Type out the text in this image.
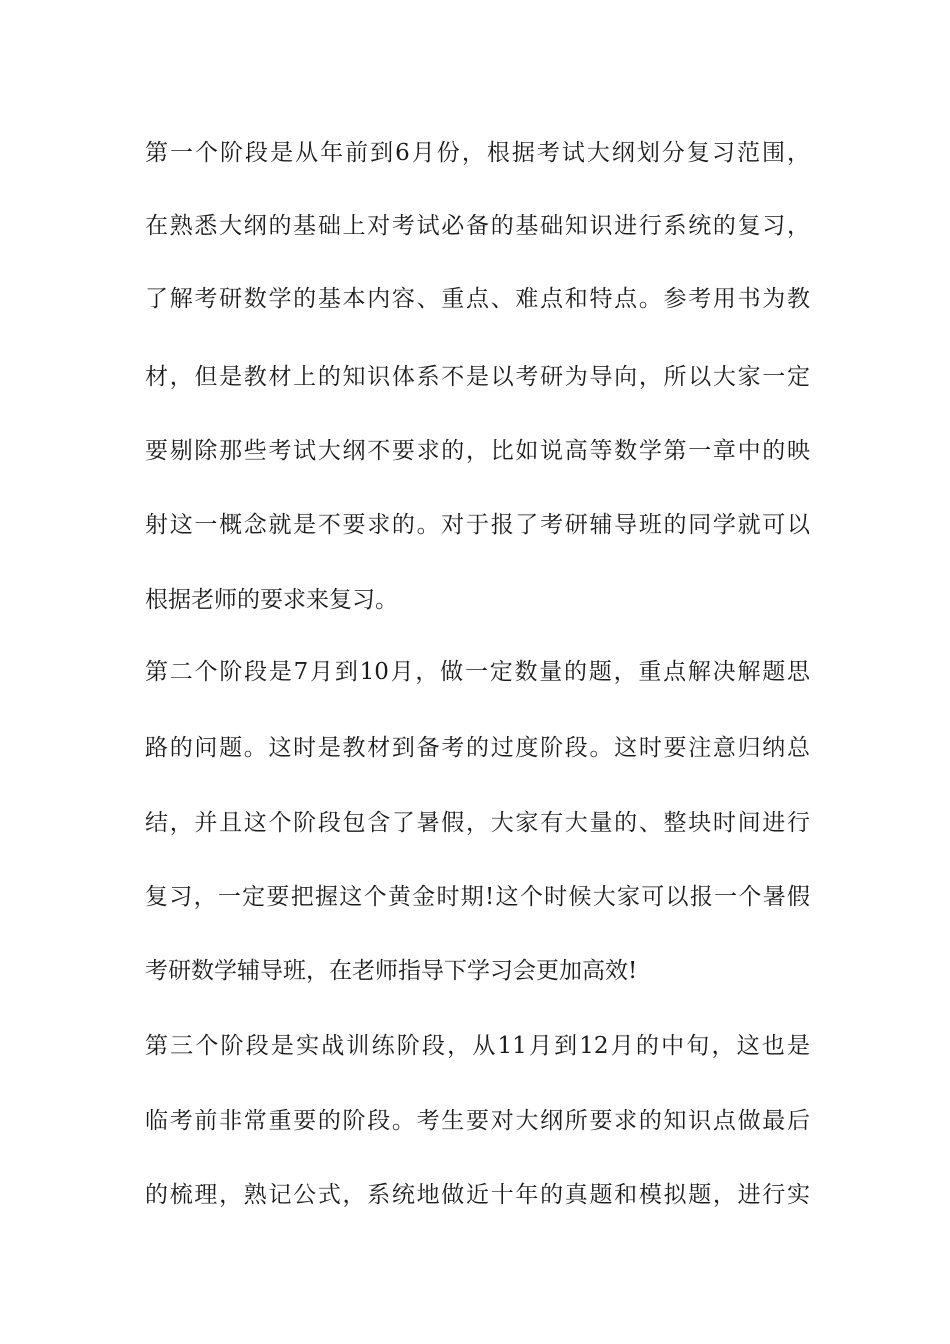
第一个阶段是从年前到6月份，根据考试大纲划分复习范围，
在熟悉大纲的基础上对考试必备的基础知识进行系统的复习，
了解考研数学的基本内容、重点、难点和特点。参考用书为教
材，但是教材上的知识体系不是以考研为导向，所以大家一定
要剔除那些考试大纲不要求的，比如说高等数学第一章中的映
射这一概念就是不要求的。对于报了考研辅导班的同学就可以
根据老师的要求来复习。
第二个阶段是7月到10月，做一定数量的题，重点解决解题思
路的问题。这时是教材到备考的过度阶段。这时要注意归纳总
结，并且这个阶段包含了暑假，大家有大量的、整块时间进行
复习，一定要把握这个黄金时期!这个时候大家可以报一个暑假
考研数学辅导班，在老师指导下学习会更加高效!
第三个阶段是实战训练阶段，从11月到12月的中旬，这也是
临考前非常重要的阶段。考生要对大纲所要求的知识点做最后
的梳理，熟记公式，系统地做近十年的真题和模拟题，进行实
